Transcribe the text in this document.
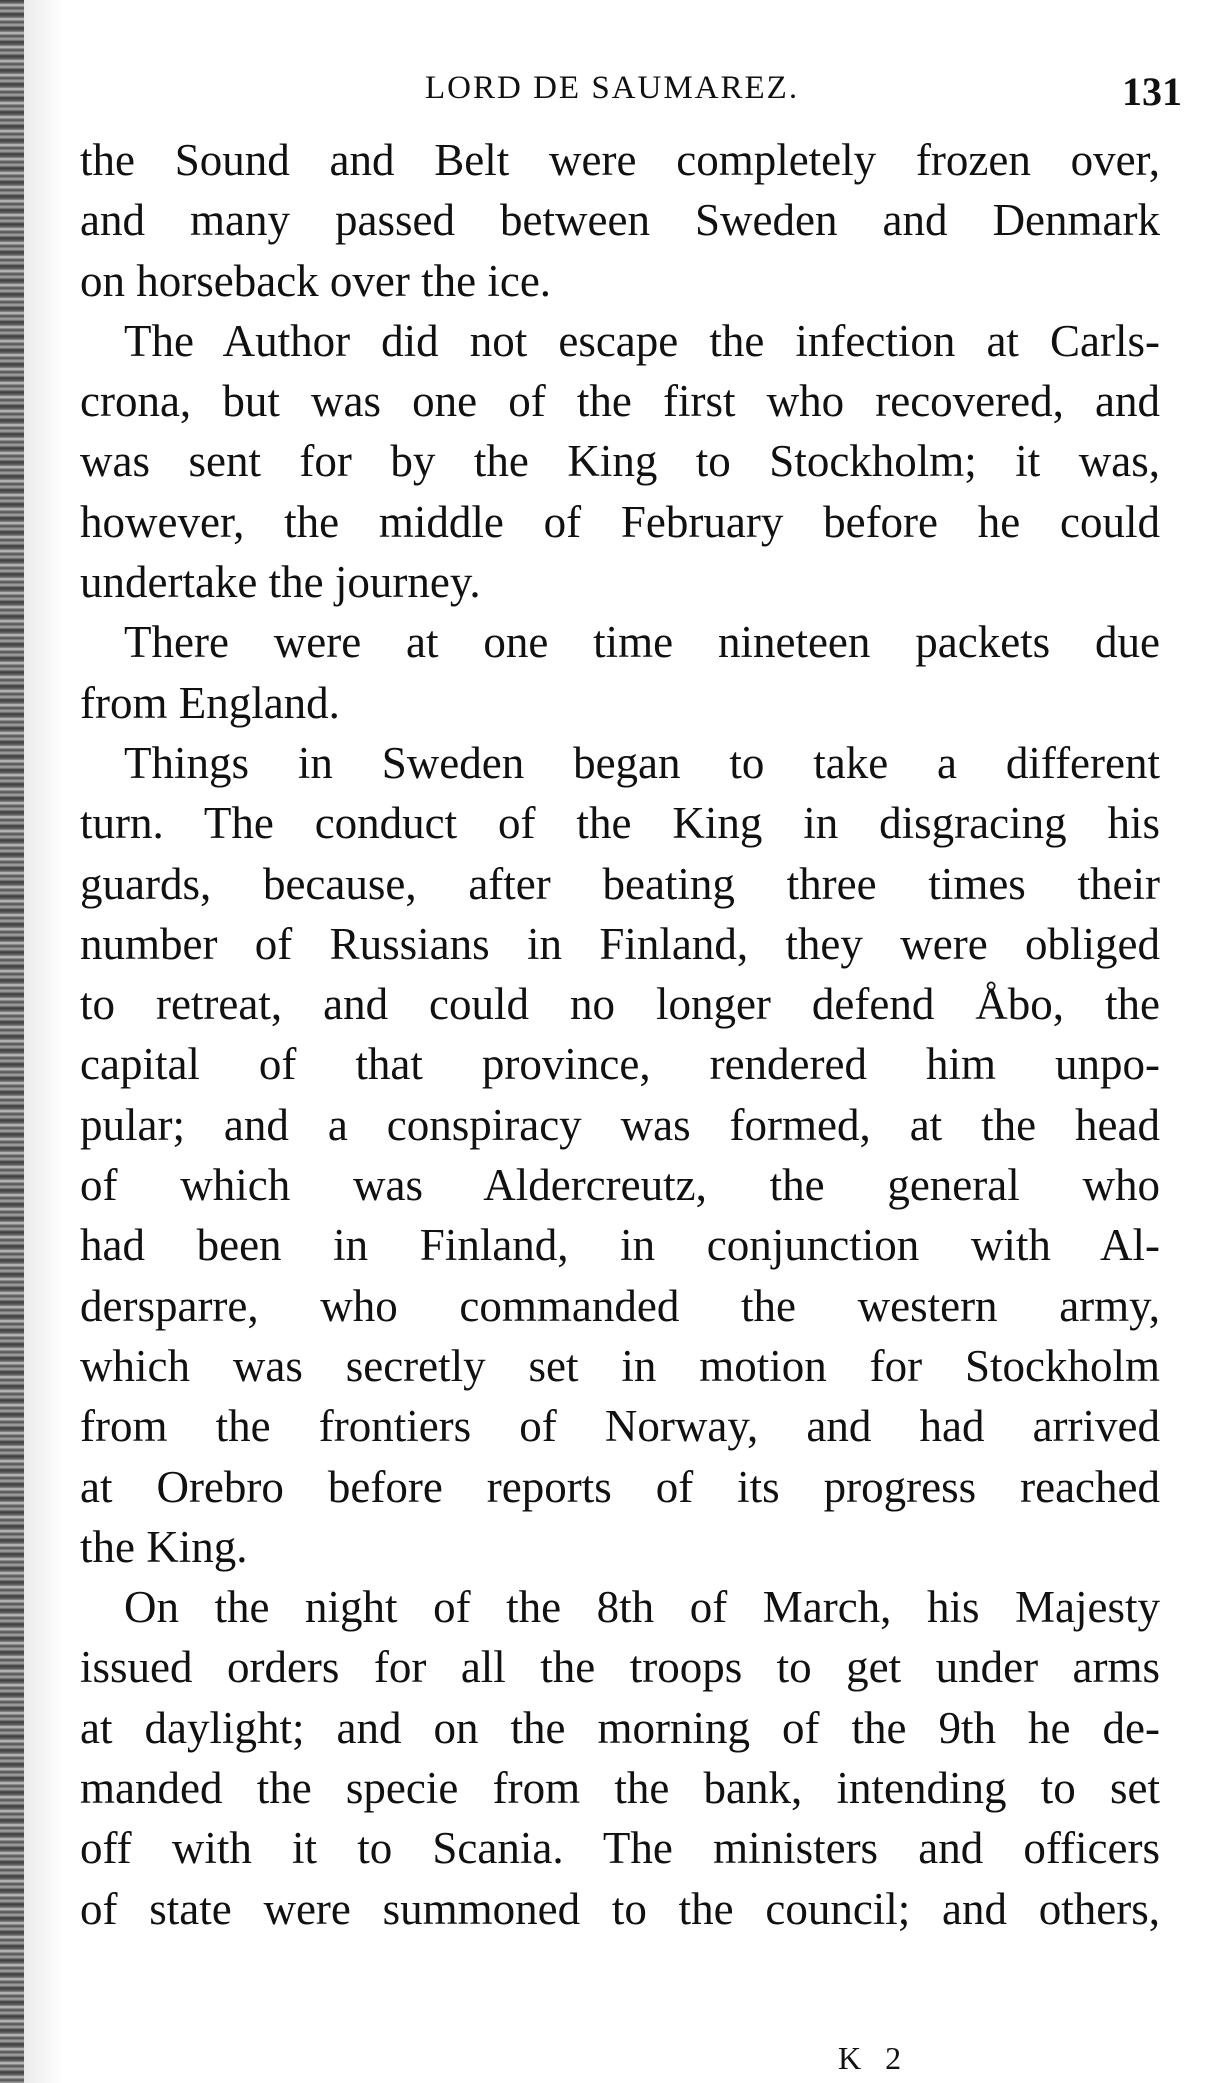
LORD DE SAUMAREZ.	131
the Sound and Belt were completely frozen over,
and many passed between Sweden and Denmark
on horseback over the ice.
The Author did not escape the infection at Carls-
crona, but was one of the first who recovered, and
was sent for by the King to Stockholm; it was,
however, the middle of February before he could
undertake the journey.
There were at one time nineteen packets due
from England.
Things in Sweden began to take a different
turn. The conduct of the King in disgracing his
guards, because, after beating three times their
number of Russians in Finland, they were obliged
to retreat, and could no longer defend Åbo, the
capital of that province, rendered him unpo-
pular; and a conspiracy was formed, at the head
of which was Aldercreutz, the general who
had been in Finland, in conjunction with Al-
dersparre, who commanded the western army,
which was secretly set in motion for Stockholm
from the frontiers of Norway, and had arrived
at Orebro before reports of its progress reached
the King.
On the night of the 8th of March, his Majesty
issued orders for all the troops to get under arms
at daylight; and on the morning of the 9th he de-
manded the specie from the bank, intending to set
off with it to Scania. The ministers and officers
of state were summoned to the council; and others,
K 2
